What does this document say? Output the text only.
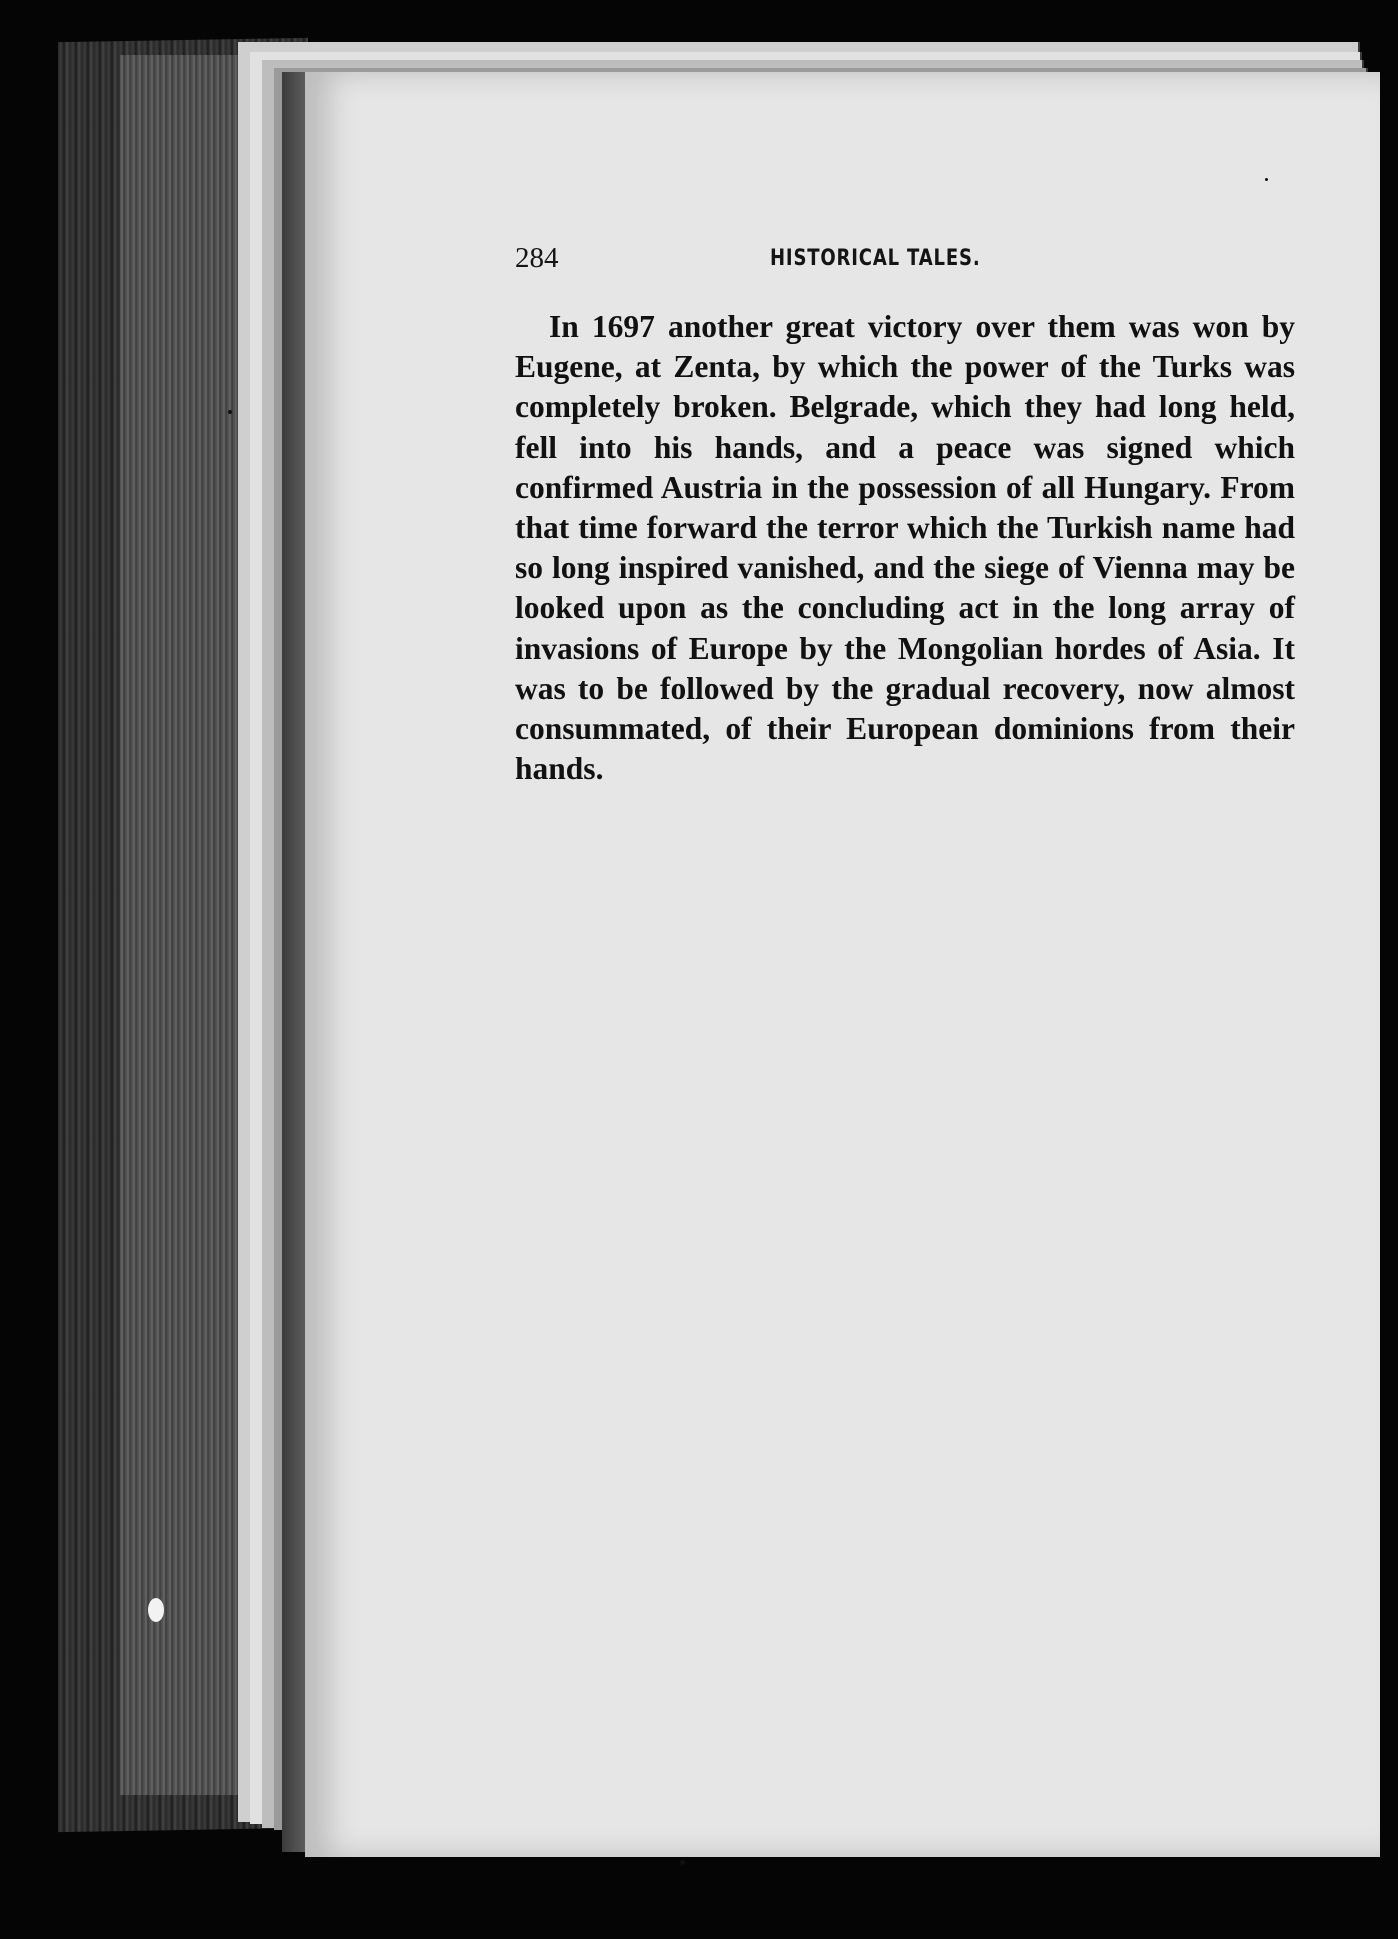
284	HISTORICAL TALES.

In 1697 another great victory over them was won by Eugene, at Zenta, by which the power of the Turks was completely broken. Belgrade, which they had long held, fell into his hands, and a peace was signed which confirmed Austria in the possession of all Hungary. From that time forward the terror which the Turkish name had so long inspired vanished, and the siege of Vienna may be looked upon as the concluding act in the long array of invasions of Europe by the Mongolian hordes of Asia. It was to be followed by the gradual recovery, now almost consummated, of their European dominions from their hands.
